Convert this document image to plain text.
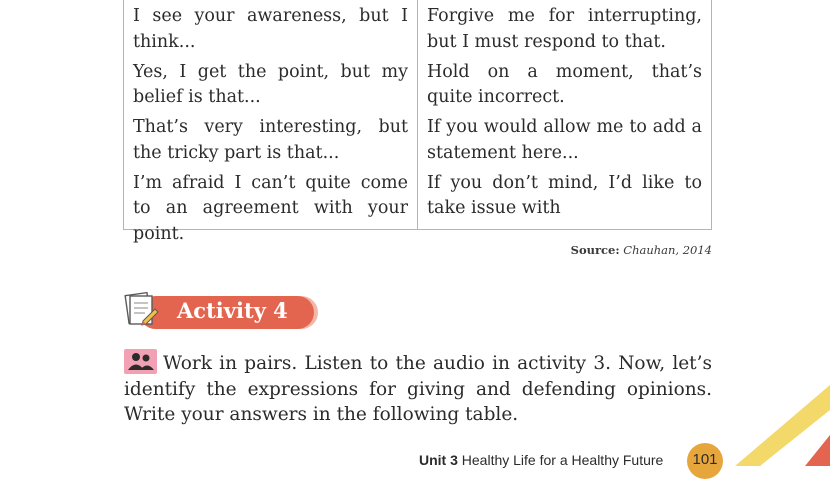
I see your awareness, but I think...

Yes, I get the point, but my belief is that...

That’s very interesting, but the tricky part is that...

I’m afraid I can’t quite come to an agreement with your point.

Forgive me for interrupting, but I must respond to that.

Hold on a moment, that’s quite incorrect.

If you would allow me to add a statement here...

If you don’t mind, I’d like to take issue with

Source: Chauhan, 2014
Activity 4
Work in pairs. Listen to the audio in activity 3. Now, let’s identify the expressions for giving and defending opinions. Write your answers in the following table.
Unit 3 Healthy Life for a Healthy Future	101
